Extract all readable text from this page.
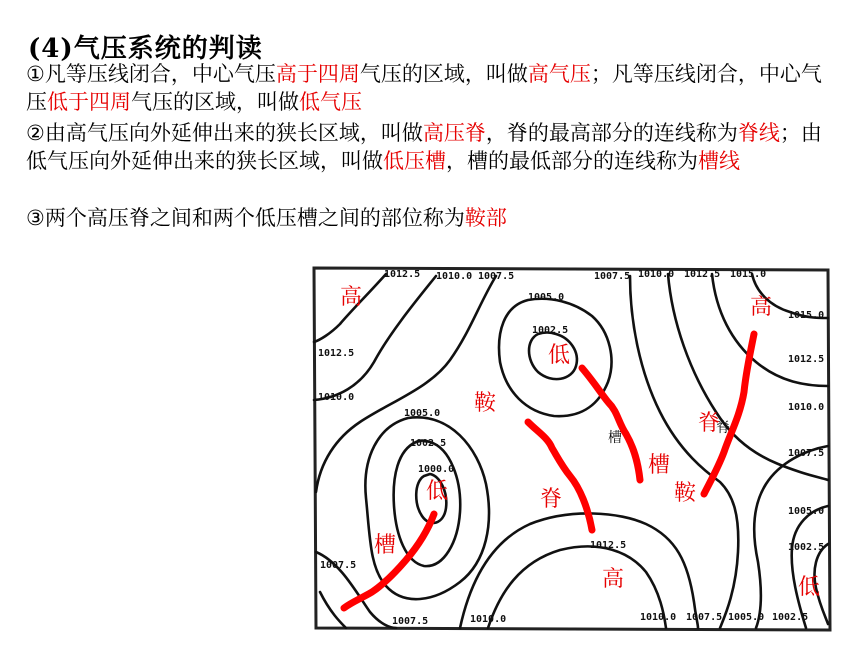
(4)气压系统的判读
①凡等压线闭合，中心气压高于四周气压的区域，叫做高气压；凡等压线闭合，中心气压低于四周气压的区域，叫做低气压
②由高气压向外延伸出来的狭长区域，叫做高压脊，脊的最高部分的连线称为脊线；由低气压向外延伸出来的狭长区域，叫做低压槽，槽的最低部分的连线称为槽线
③两个高压脊之间和两个低压槽之间的部位称为鞍部
1012.5 1010.0 1007.5	1007.5 1010.0 1012.5 1015.0
1005.0
1002.5
1012.5
1010.0
1005.0
1002.5
1000.0
1007.5
1015.0
1012.5
1010.0
1007.5
1005.0
1002.5
1012.5
1007.5	1010.0	1010.0 1007.5 1005.0 1002.5
槽
脊
高	高
高
低
低
低
鞍
鞍
脊
脊
槽
槽
